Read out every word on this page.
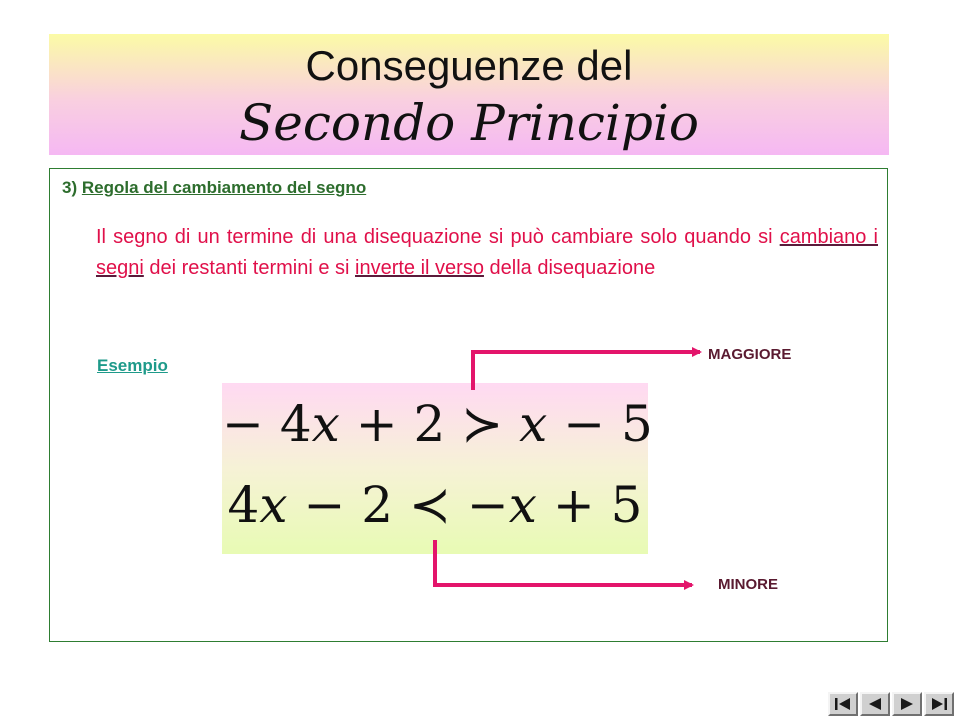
Conseguenze del
Secondo Principio
3) Regola del cambiamento del segno
Il segno di un termine di una disequazione si può cambiare solo quando si cambiano i segni dei restanti termini e si inverte il verso della disequazione
Esempio
− 4x + 2 ≻ x − 5
4x − 2 ≺ −x + 5
MAGGIORE
MINORE
